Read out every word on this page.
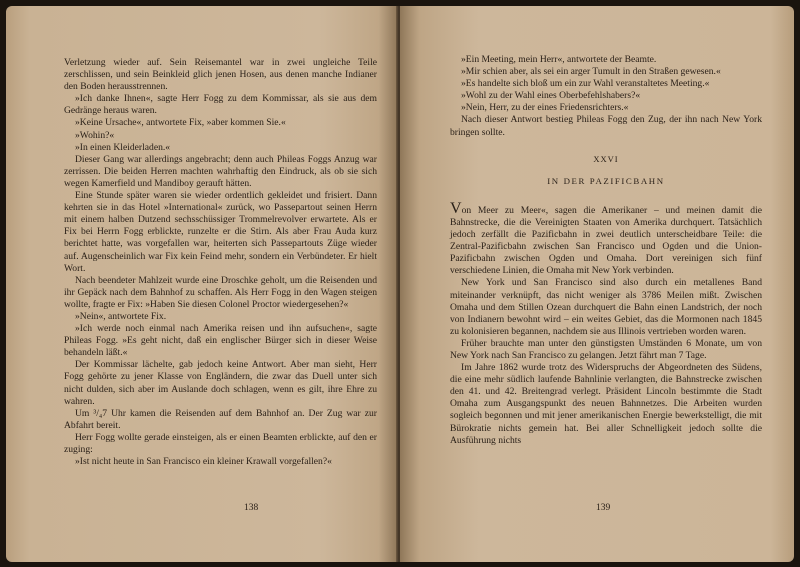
Verletzung wieder auf. Sein Reisemantel war in zwei ungleiche Teile zerschlissen, und sein Beinkleid glich jenen Hosen, aus denen manche Indianer den Boden herausstrennen.

»Ich danke Ihnen«, sagte Herr Fogg zu dem Kommissar, als sie aus dem Gedränge heraus waren.

»Keine Ursache«, antwortete Fix, »aber kommen Sie.«

»Wohin?«

»In einen Kleiderladen.«

Dieser Gang war allerdings angebracht; denn auch Phileas Foggs Anzug war zerrissen. Die beiden Herren machten wahrhaftig den Eindruck, als ob sie sich wegen Kamerfield und Mandiboy gerauft hätten.

Eine Stunde später waren sie wieder ordentlich gekleidet und frisiert. Dann kehrten sie in das Hotel »International« zurück, wo Passepartout seinen Herrn mit einem halben Dutzend sechsschüssiger Trommelrevolver erwartete. Als er Fix bei Herrn Fogg erblickte, runzelte er die Stirn. Als aber Frau Auda kurz berichtet hatte, was vorgefallen war, heiterten sich Passepartouts Züge wieder auf. Augenscheinlich war Fix kein Feind mehr, sondern ein Verbündeter. Er hielt Wort.

Nach beendeter Mahlzeit wurde eine Droschke geholt, um die Reisenden und ihr Gepäck nach dem Bahnhof zu schaffen. Als Herr Fogg in den Wagen steigen wollte, fragte er Fix: »Haben Sie diesen Colonel Proctor wiedergesehen?«

»Nein«, antwortete Fix.

»Ich werde noch einmal nach Amerika reisen und ihn aufsuchen«, sagte Phileas Fogg. »Es geht nicht, daß ein englischer Bürger sich in dieser Weise behandeln läßt.«

Der Kommissar lächelte, gab jedoch keine Antwort. Aber man sieht, Herr Fogg gehörte zu jener Klasse von Engländern, die zwar das Duell unter sich nicht dulden, sich aber im Auslande doch schlagen, wenn es gilt, ihre Ehre zu wahren.

Um ³/₄7 Uhr kamen die Reisenden auf dem Bahnhof an. Der Zug war zur Abfahrt bereit.

Herr Fogg wollte gerade einsteigen, als er einen Beamten erblickte, auf den er zuging:

»Ist nicht heute in San Francisco ein kleiner Krawall vorgefallen?«

138

»Ein Meeting, mein Herr«, antwortete der Beamte.

»Mir schien aber, als sei ein arger Tumult in den Straßen gewesen.«

»Es handelte sich bloß um ein zur Wahl veranstaltetes Meeting.«

»Wohl zu der Wahl eines Oberbefehlshabers?«

»Nein, Herr, zu der eines Friedensrichters.«

Nach dieser Antwort bestieg Phileas Fogg den Zug, der ihn nach New York bringen sollte.

XXVI

IN DER PAZIFICBAHN

Von Meer zu Meer«, sagen die Amerikaner – und meinen damit die Bahnstrecke, die die Vereinigten Staaten von Amerika durchquert. Tatsächlich jedoch zerfällt die Pazificbahn in zwei deutlich unterscheidbare Teile: die Zentral-Pazificbahn zwischen San Francisco und Ogden und die Union-Pazificbahn zwischen Ogden und Omaha. Dort vereinigen sich fünf verschiedene Linien, die Omaha mit New York verbinden.

New York und San Francisco sind also durch ein metallenes Band miteinander verknüpft, das nicht weniger als 3786 Meilen mißt. Zwischen Omaha und dem Stillen Ozean durchquert die Bahn einen Landstrich, der noch von Indianern bewohnt wird – ein weites Gebiet, das die Mormonen nach 1845 zu kolonisieren begannen, nachdem sie aus Illinois vertrieben worden waren.

Früher brauchte man unter den günstigsten Umständen 6 Monate, um von New York nach San Francisco zu gelangen. Jetzt fährt man 7 Tage.

Im Jahre 1862 wurde trotz des Widerspruchs der Abgeordneten des Südens, die eine mehr südlich laufende Bahnlinie verlangten, die Bahnstrecke zwischen den 41. und 42. Breitengrad verlegt. Präsident Lincoln bestimmte die Stadt Omaha zum Ausgangspunkt des neuen Bahnnetzes. Die Arbeiten wurden sogleich begonnen und mit jener amerikanischen Energie bewerkstelligt, die mit Bürokratie nichts gemein hat. Bei aller Schnelligkeit jedoch sollte die Ausführung nichts

139
